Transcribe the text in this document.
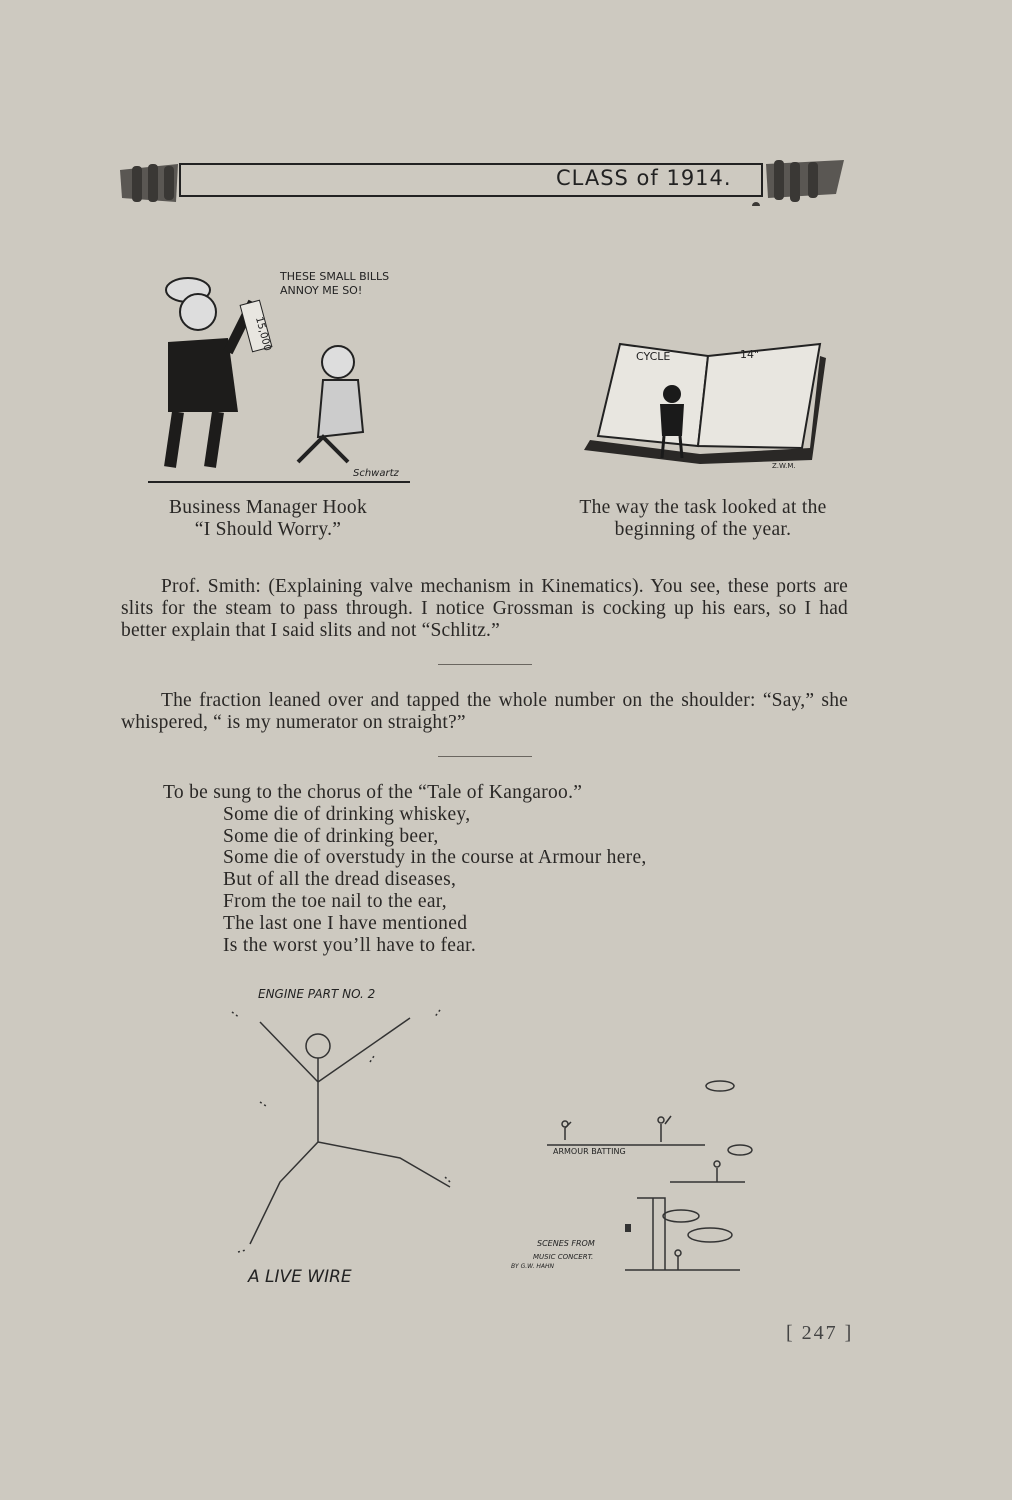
CLASS of 1914.
THESE SMALL BILLS
ANNOY ME SO!
15,000
Schwartz
Business Manager Hook
“I Should Worry.”
CYCLE	14"
Z.W.M.
The way the task looked at the
beginning of the year.
Prof. Smith: (Explaining valve mechanism in Kinematics). You see, these ports are slits for the steam to pass through. I notice Grossman is cocking up his ears, so I had better explain that I said slits and not “Schlitz.”
The fraction leaned over and tapped the whole number on the shoulder: “Say,” she whispered, “ is my numerator on straight?”
To be sung to the chorus of the “Tale of Kangaroo.”
Some die of drinking whiskey,
Some die of drinking beer,
Some die of overstudy in the course at Armour here,
But of all the dread diseases,
From the toe nail to the ear,
The last one I have mentioned
Is the worst you’ll have to fear.
ENGINE PART NO. 2
A LIVE WIRE
ARMOUR BATTING
SCENES FROM
MUSIC CONCERT.
BY G.W. HAHN
[ 247 ]
